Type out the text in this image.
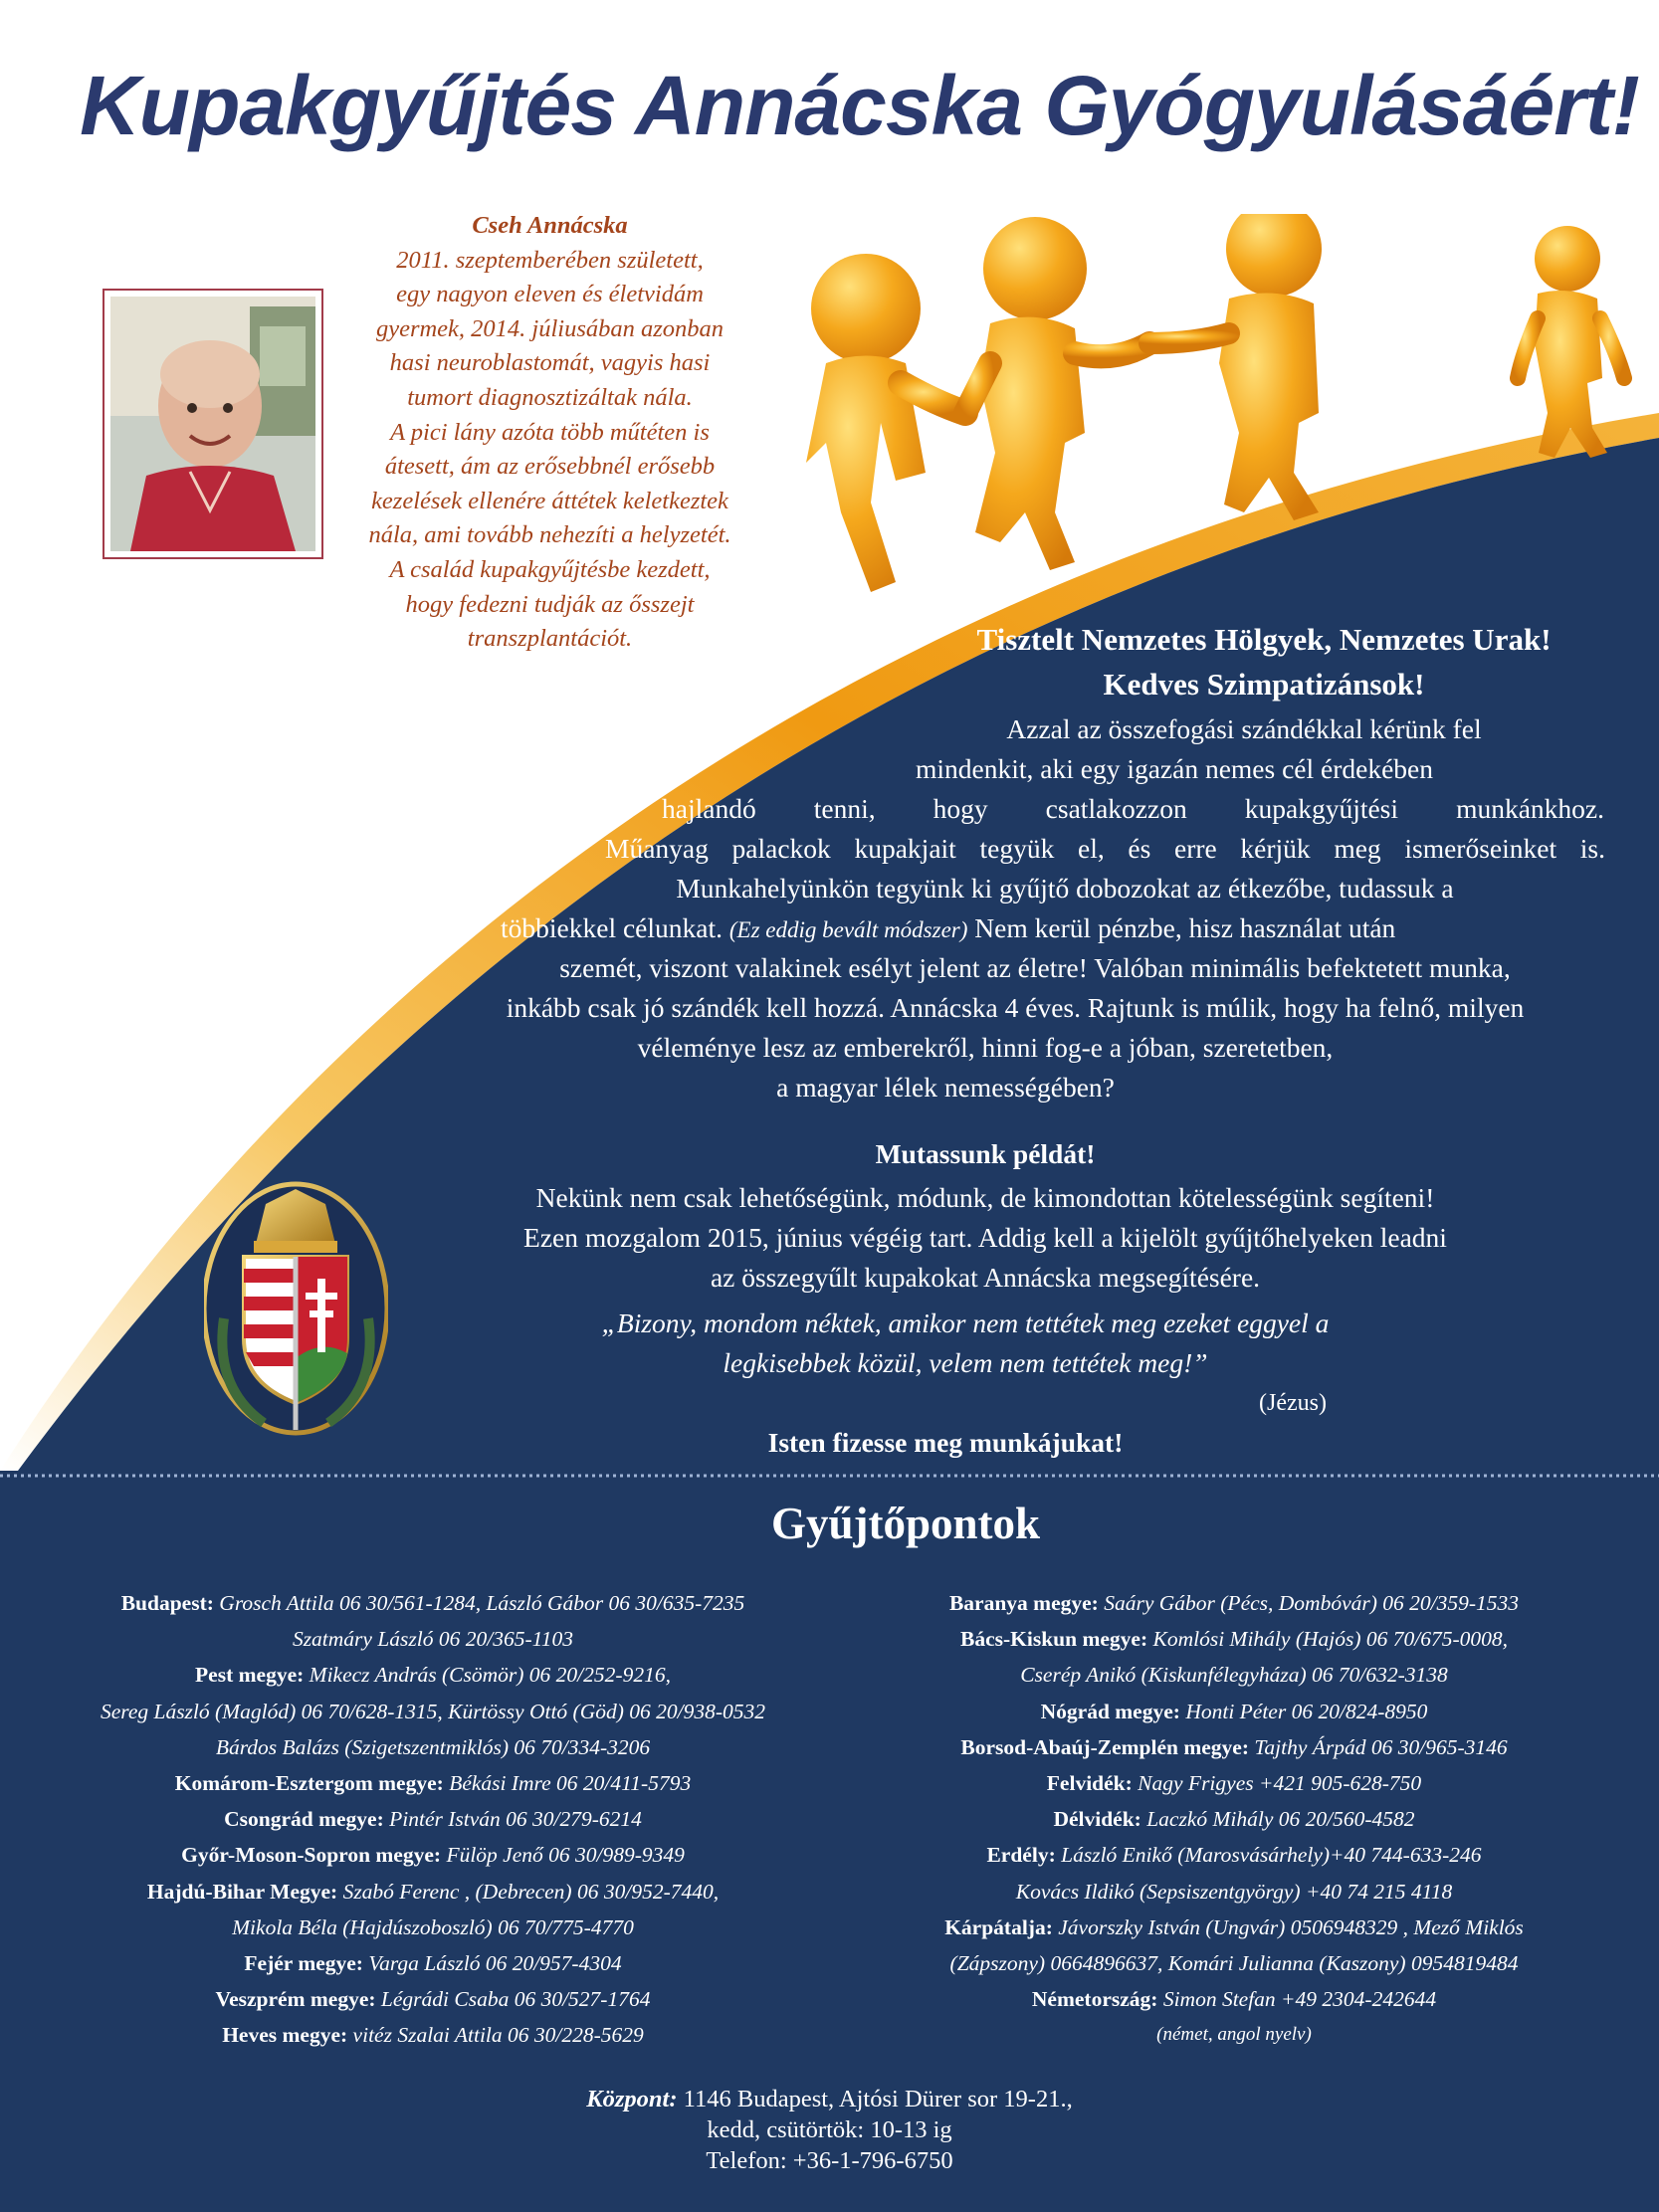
Kupakgyűjtés Annácska Gyógyulásáért!
Cseh Annácska
2011. szeptemberében született,
egy nagyon eleven és életvidám
gyermek, 2014. júliusában azonban
hasi neuroblastomát, vagyis hasi
tumort diagnosztizáltak nála.
A pici lány azóta több műtéten is
átesett, ám az erősebbnél erősebb
kezelések ellenére áttétek keletkeztek
nála, ami tovább nehezíti a helyzetét.
A család kupakgyűjtésbe kezdett,
hogy fedezni tudják az ősszejt
transzplantációt.	Tisztelt Nemzetes Hölgyek, Nemzetes Urak!
Kedves Szimpatizánsok!
Azzal az összefogási szándékkal kérünk fel
mindenkit, aki egy igazán nemes cél érdekében
hajlandó tenni, hogy csatlakozzon kupakgyűjtési munkánkhoz.
Műanyag palackok kupakjait tegyük el, és erre kérjük meg ismerőseinket is.
Munkahelyünkön tegyünk ki gyűjtő dobozokat az étkezőbe, tudassuk a
többiekkel célunkat. (Ez eddig bevált módszer) Nem kerül pénzbe, hisz használat után
szemét, viszont valakinek esélyt jelent az életre! Valóban minimális befektetett munka,
inkább csak jó szándék kell hozzá. Annácska 4 éves. Rajtunk is múlik, hogy ha felnő, milyen
véleménye lesz az emberekről, hinni fog-e a jóban, szeretetben,
a magyar lélek nemességében?
Mutassunk példát!
Nekünk nem csak lehetőségünk, módunk, de kimondottan kötelességünk segíteni!
Ezen mozgalom 2015, június végéig tart. Addig kell a kijelölt gyűjtőhelyeken leadni
az összegyűlt kupakokat Annácska megsegítésére.
„Bizony, mondom néktek, amikor nem tettétek meg ezeket eggyel a
legkisebbek közül, velem nem tettétek meg!”
(Jézus)
Isten fizesse meg munkájukat!
Gyűjtőpontok
Budapest: Grosch Attila 06 30/561-1284, László Gábor 06 30/635-7235
Szatmáry László 06 20/365-1103
Pest megye: Mikecz András (Csömör) 06 20/252-9216,
Sereg László (Maglód) 06 70/628-1315, Kürtössy Ottó (Göd) 06 20/938-0532
Bárdos Balázs (Szigetszentmiklós) 06 70/334-3206
Komárom-Esztergom megye: Békási Imre 06 20/411-5793
Csongrád megye: Pintér István 06 30/279-6214
Győr-Moson-Sopron megye: Fülöp Jenő 06 30/989-9349
Hajdú-Bihar Megye: Szabó Ferenc , (Debrecen) 06 30/952-7440,
Mikola Béla (Hajdúszoboszló) 06 70/775-4770
Fejér megye: Varga László 06 20/957-4304
Veszprém megye: Légrádi Csaba 06 30/527-1764
Heves megye: vitéz Szalai Attila 06 30/228-5629
Baranya megye: Saáry Gábor (Pécs, Dombóvár) 06 20/359-1533
Bács-Kiskun megye: Komlósi Mihály (Hajós) 06 70/675-0008,
Cserép Anikó (Kiskunfélegyháza) 06 70/632-3138
Nógrád megye: Honti Péter 06 20/824-8950
Borsod-Abaúj-Zemplén megye: Tajthy Árpád 06 30/965-3146
Felvidék: Nagy Frigyes +421 905-628-750
Délvidék: Laczkó Mihály 06 20/560-4582
Erdély: László Enikő (Marosvásárhely)+40 744-633-246
Kovács Ildikó (Sepsiszentgyörgy) +40 74 215 4118
Kárpátalja: Jávorszky István (Ungvár) 0506948329 , Mező Miklós
(Zápszony) 0664896637, Komári Julianna (Kaszony) 0954819484
Németország: Simon Stefan +49 2304-242644
(német, angol nyelv)
Központ: 1146 Budapest, Ajtósi Dürer sor 19-21.,
kedd, csütörtök: 10-13 ig
Telefon: +36-1-796-6750
